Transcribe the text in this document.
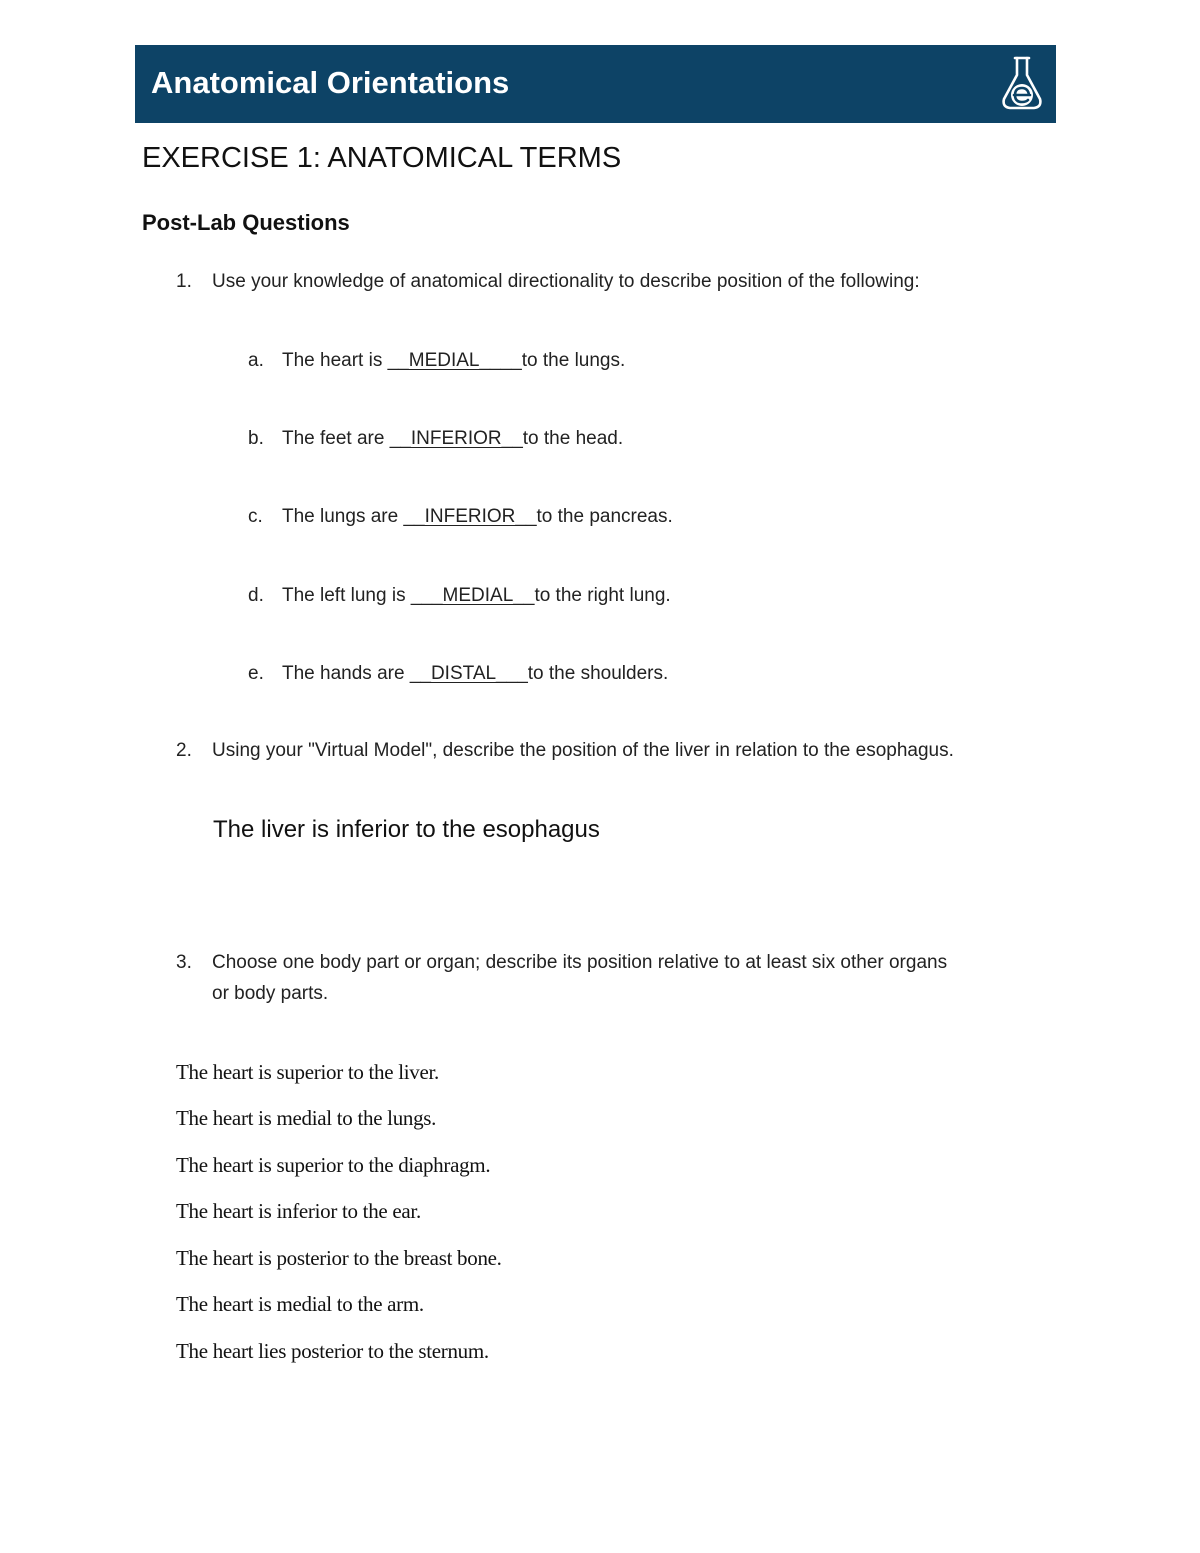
Anatomical Orientations
EXERCISE 1: ANATOMICAL TERMS
Post-Lab Questions
1. Use your knowledge of anatomical directionality to describe position of the following:
a. The heart is __MEDIAL____to the lungs.
b. The feet are __INFERIOR__to the head.
c. The lungs are __INFERIOR__to the pancreas.
d. The left lung is ___MEDIAL__to the right lung.
e. The hands are __DISTAL___to the shoulders.
2. Using your "Virtual Model", describe the position of the liver in relation to the esophagus.
The liver is inferior to the esophagus
3. Choose one body part or organ; describe its position relative to at least six other organs
or body parts.
The heart is superior to the liver.
The heart is medial to the lungs.
The heart is superior to the diaphragm.
The heart is inferior to the ear.
The heart is posterior to the breast bone.
The heart is medial to the arm.
The heart lies posterior to the sternum.
